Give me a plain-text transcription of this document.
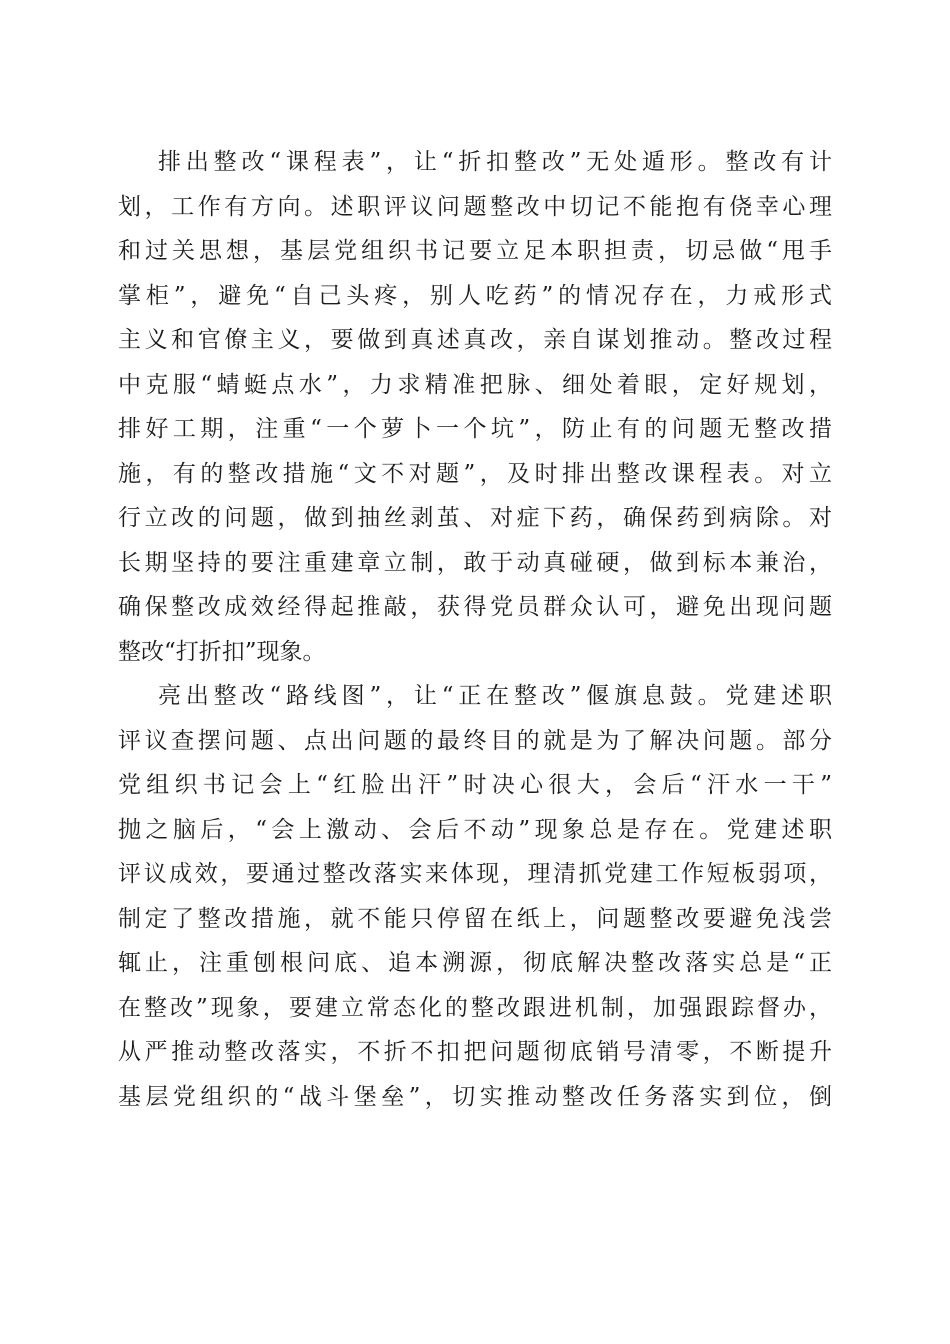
排出整改“课程表”，让“折扣整改”无处遁形。整改有计
划，工作有方向。述职评议问题整改中切记不能抱有侥幸心理
和过关思想，基层党组织书记要立足本职担责，切忌做“甩手
掌柜”，避免“自己头疼，别人吃药”的情况存在，力戒形式
主义和官僚主义，要做到真述真改，亲自谋划推动。整改过程
中克服“蜻蜓点水”，力求精准把脉、细处着眼，定好规划，
排好工期，注重“一个萝卜一个坑”，防止有的问题无整改措
施，有的整改措施“文不对题”，及时排出整改课程表。对立
行立改的问题，做到抽丝剥茧、对症下药，确保药到病除。对
长期坚持的要注重建章立制，敢于动真碰硬，做到标本兼治，
确保整改成效经得起推敲，获得党员群众认可，避免出现问题
整改“打折扣”现象。
亮出整改“路线图”，让“正在整改”偃旗息鼓。党建述职
评议查摆问题、点出问题的最终目的就是为了解决问题。部分
党组织书记会上“红脸出汗”时决心很大，会后“汗水一干”
抛之脑后，“会上激动、会后不动”现象总是存在。党建述职
评议成效，要通过整改落实来体现，理清抓党建工作短板弱项，
制定了整改措施，就不能只停留在纸上，问题整改要避免浅尝
辄止，注重刨根问底、追本溯源，彻底解决整改落实总是“正
在整改”现象，要建立常态化的整改跟进机制，加强跟踪督办，
从严推动整改落实，不折不扣把问题彻底销号清零，不断提升
基层党组织的“战斗堡垒”，切实推动整改任务落实到位，倒
